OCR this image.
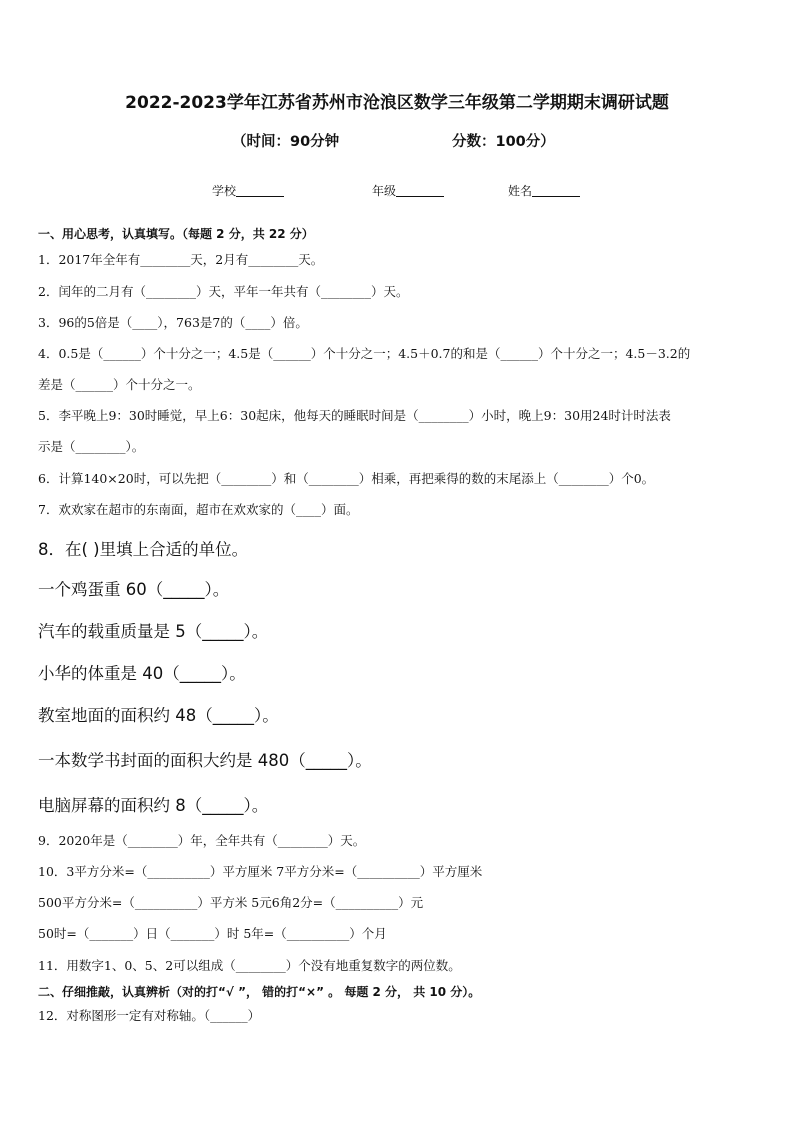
2022-2023学年江苏省苏州市沧浪区数学三年级第二学期期末调研试题
（时间：90分钟	分数：100分）
学校	年级	姓名
一、用心思考，认真填写。（每题 2 分，共 22 分）
1．2017年全年有________天，2月有________天。
2．闰年的二月有（________）天，平年一年共有（________）天。
3．96的5倍是（____），763是7的（____）倍。
4．0.5是（______）个十分之一；4.5是（______）个十分之一；4.5＋0.7的和是（______）个十分之一；4.5－3.2的
差是（______）个十分之一。
5．李平晚上9：30时睡觉，早上6：30起床，他每天的睡眠时间是（________）小时，晚上9：30用24时计时法表
示是（________）。
6．计算140×20时，可以先把（________）和（________）相乘，再把乘得的数的末尾添上（________）个0。
7．欢欢家在超市的东南面，超市在欢欢家的（____）面。
8．在( )里填上合适的单位。
一个鸡蛋重 60（_____）。
汽车的载重质量是 5（_____）。
小华的体重是 40（_____）。
教室地面的面积约 48（_____）。
一本数学书封面的面积大约是 480（_____）。
电脑屏幕的面积约 8（_____）。
9．2020年是（________）年，全年共有（________）天。
10．3平方分米=（__________）平方厘米 7平方分米=（__________）平方厘米
500平方分米=（__________）平方米 5元6角2分=（__________）元
50时=（_______）日（_______）时 5年=（__________）个月
11．用数字1、0、5、2可以组成（________）个没有地重复数字的两位数。
二、仔细推敲，认真辨析（对的打“√ ”， 错的打“×” 。 每题 2 分， 共 10 分）。
12．对称图形一定有对称轴。（______）
